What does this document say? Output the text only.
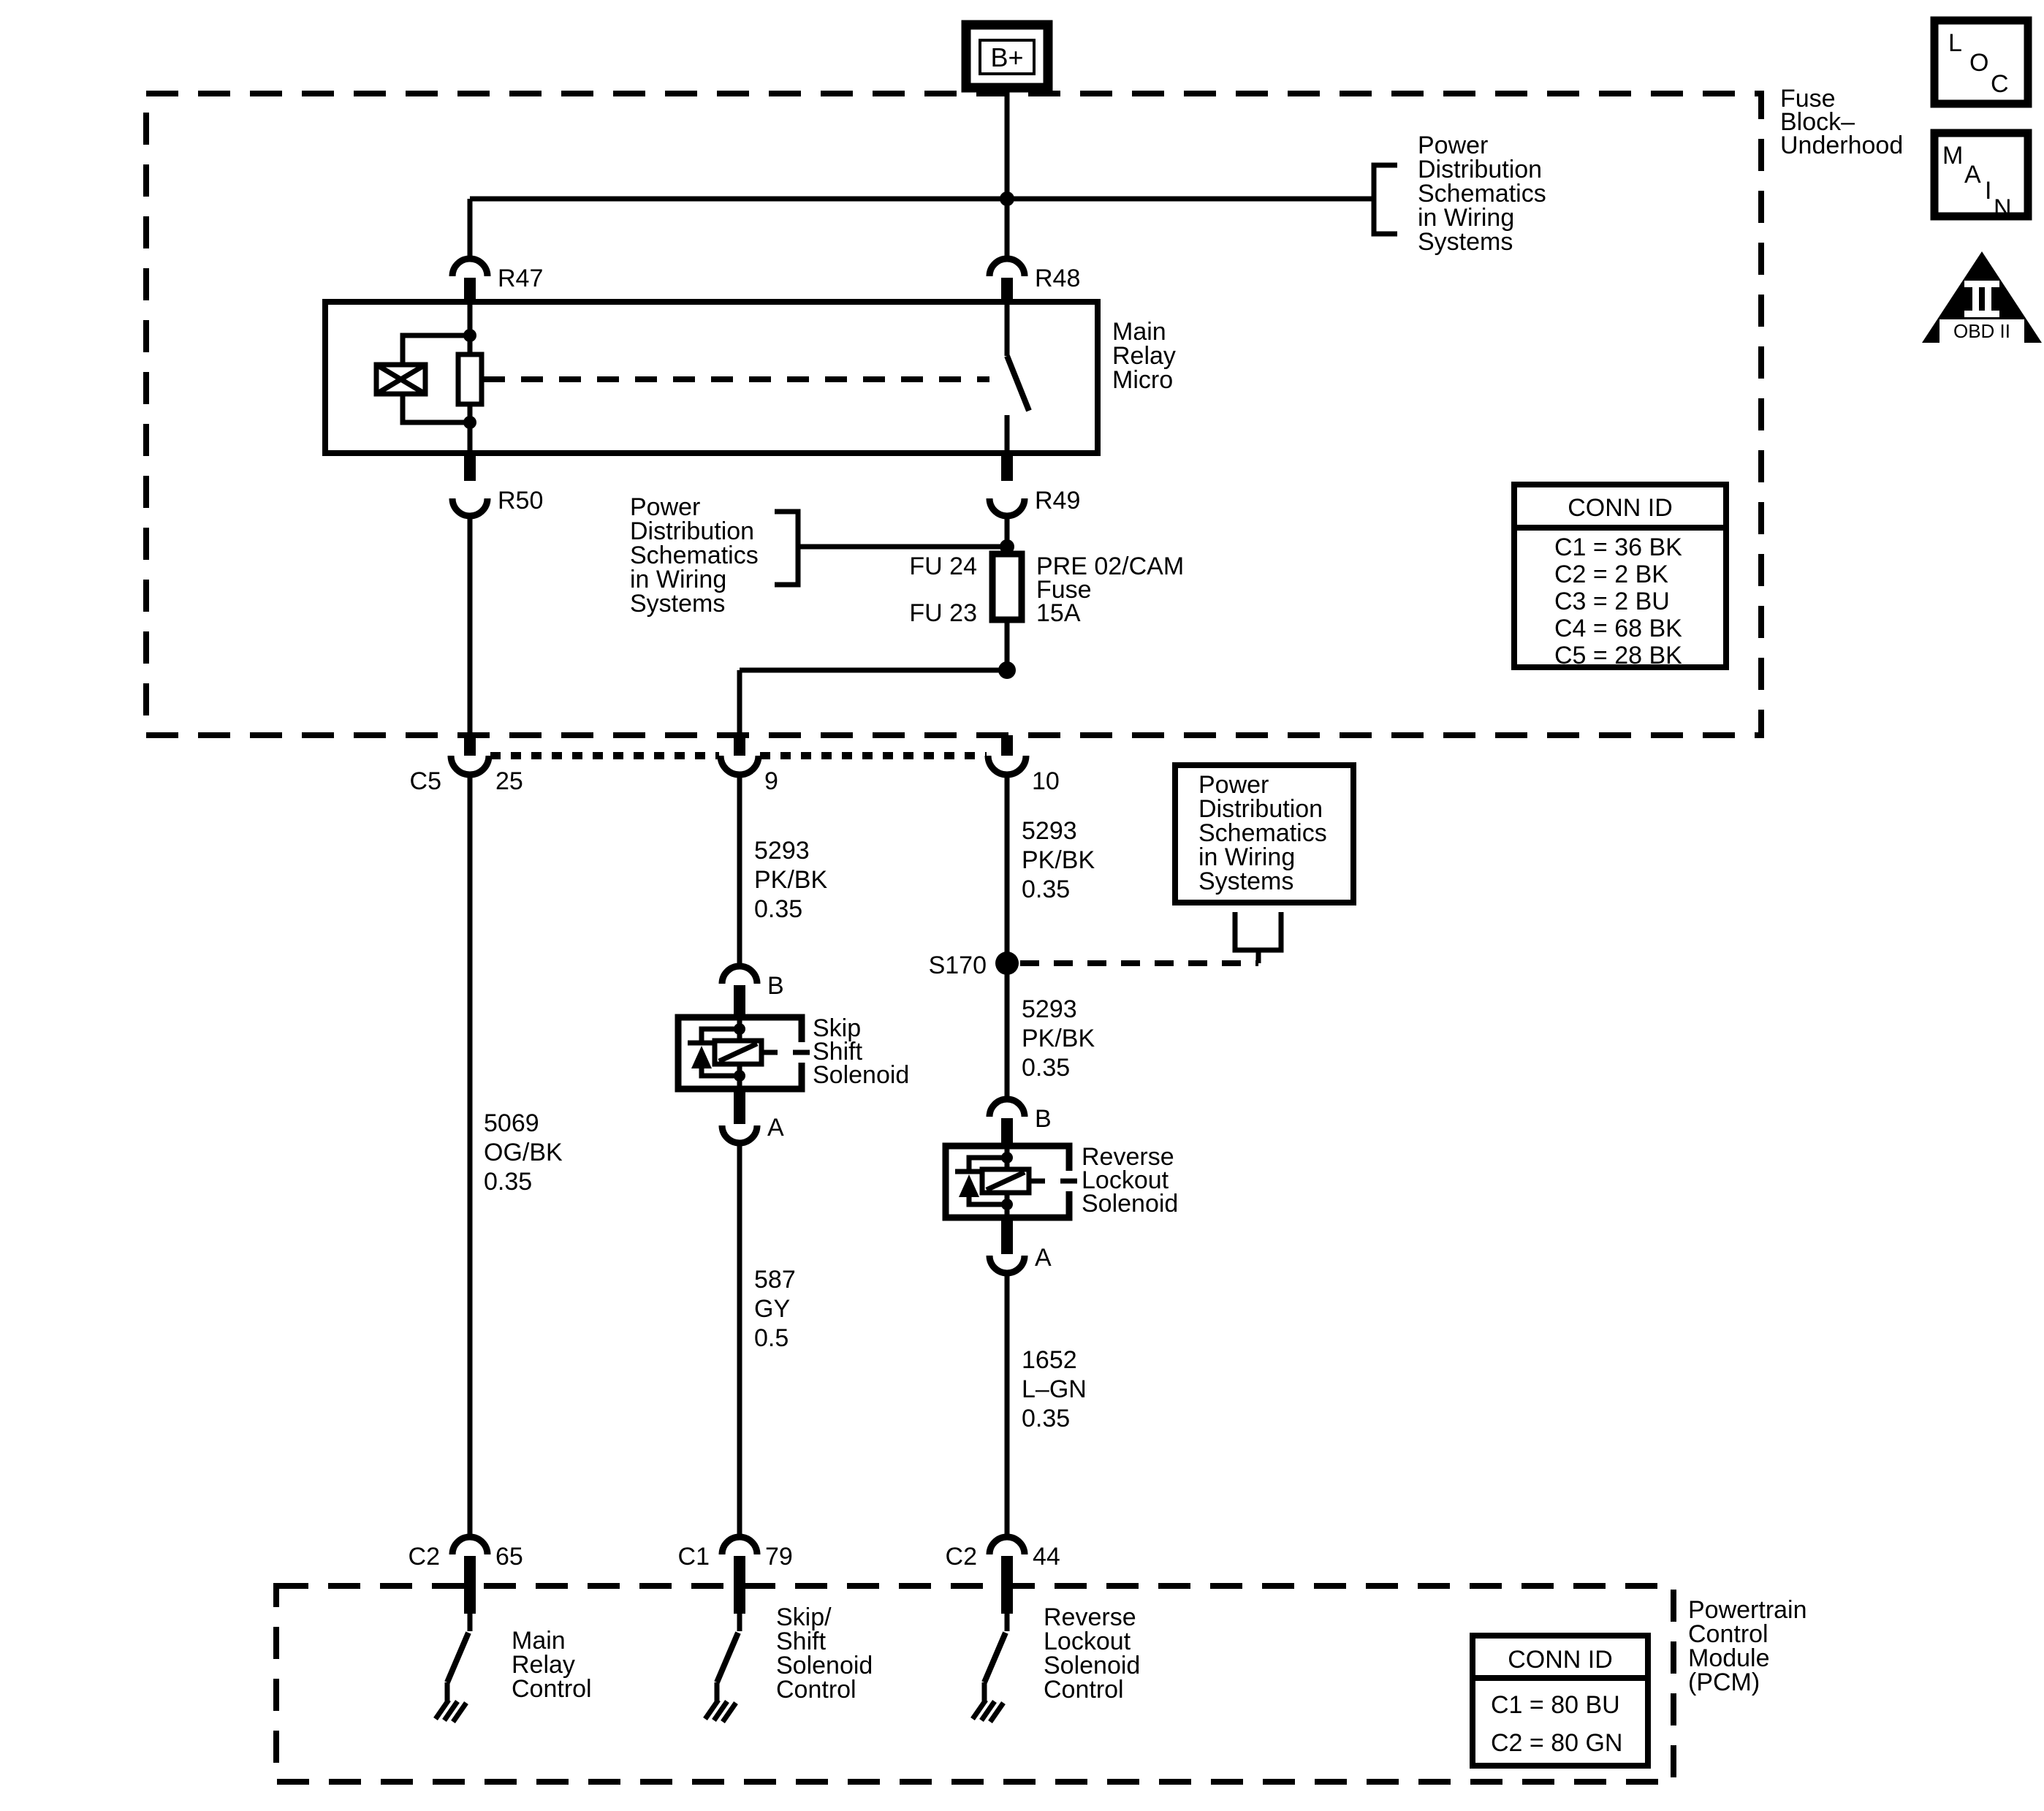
Fuse
Block–
Underhood
B+	L
O
C
M
A
I
N
OBD II
Power
Distribution
Schematics
in Wiring
Systems
R47	R48
Main
Relay
Micro
R50	R49
Power
Distribution
Schematics
in Wiring
Systems
FU 24
FU 23
PRE 02/CAM
Fuse
15A
CONN ID
C1 = 36 BK
C2 = 2 BK
C3 = 2 BU
C4 = 68 BK
C5 = 28 BK
C5 25	9	10
5293
PK/BK
0.35
5293
PK/BK
0.35
5069
OG/BK
0.35
Power
Distribution
Schematics
in Wiring
Systems
S170
5293
PK/BK
0.35
B
Skip
Shift
Solenoid
A
587
GY
0.5
B
Reverse
Lockout
Solenoid
A
1652
L–GN
0.35
C2 65	C1 79	C2 44
Powertrain
Control
Module
(PCM)
Main
Relay
Control
Skip/
Shift
Solenoid
Control
Reverse
Lockout
Solenoid
Control
CONN ID
C1 = 80 BU
C2 = 80 GN
